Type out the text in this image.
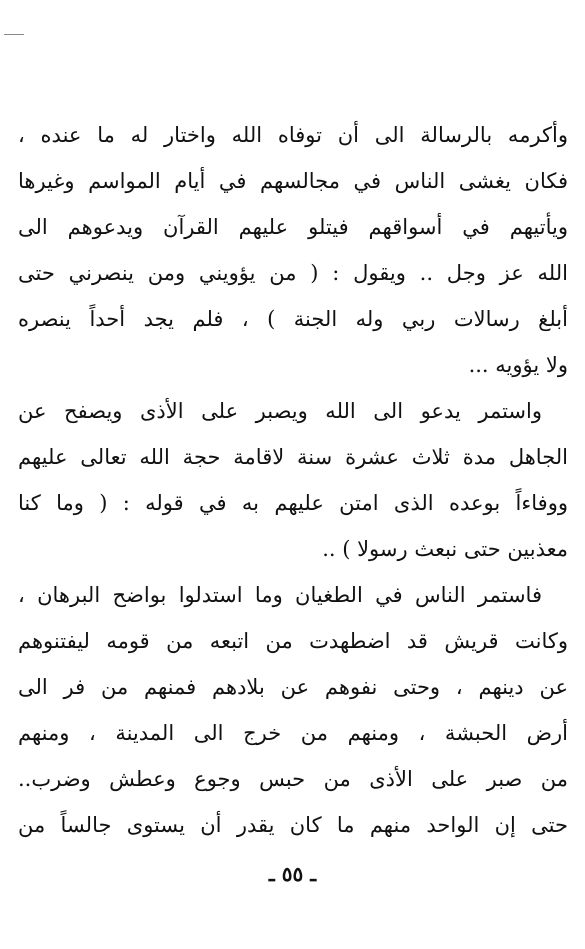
وأكرمه بالرسالة الى أن توفاه الله واختار له ما عنده ،
فكان يغشى الناس في مجالسهم في أيام المواسم وغيرها
ويأتيهم في أسواقهم فيتلو عليهم القرآن ويدعوهم الى
الله عز وجل .. ويقول : ( من يؤويني ومن ينصرني حتى
أبلغ رسالات ربي وله الجنة ) ، فلم يجد أحداً ينصره
ولا يؤويه ...
واستمر يدعو الى الله ويصبر على الأذى ويصفح عن
الجاهل مدة ثلاث عشرة سنة لاقامة حجة الله تعالى عليهم
ووفاءاً بوعده الذى امتن عليهم به في قوله : ( وما كنا
معذبين حتى نبعث رسولا ) ..
فاستمر الناس في الطغيان وما استدلوا بواضح البرهان ،
وكانت قريش قد اضطهدت من اتبعه من قومه ليفتنوهم
عن دينهم ، وحتى نفوهم عن بلادهم فمنهم من فر الى
أرض الحبشة ، ومنهم من خرج الى المدينة ، ومنهم
من صبر على الأذى من حبس وجوع وعطش وضرب..
حتى إن الواحد منهم ما كان يقدر أن يستوى جالساً من
ـ ٥٥ ـ
